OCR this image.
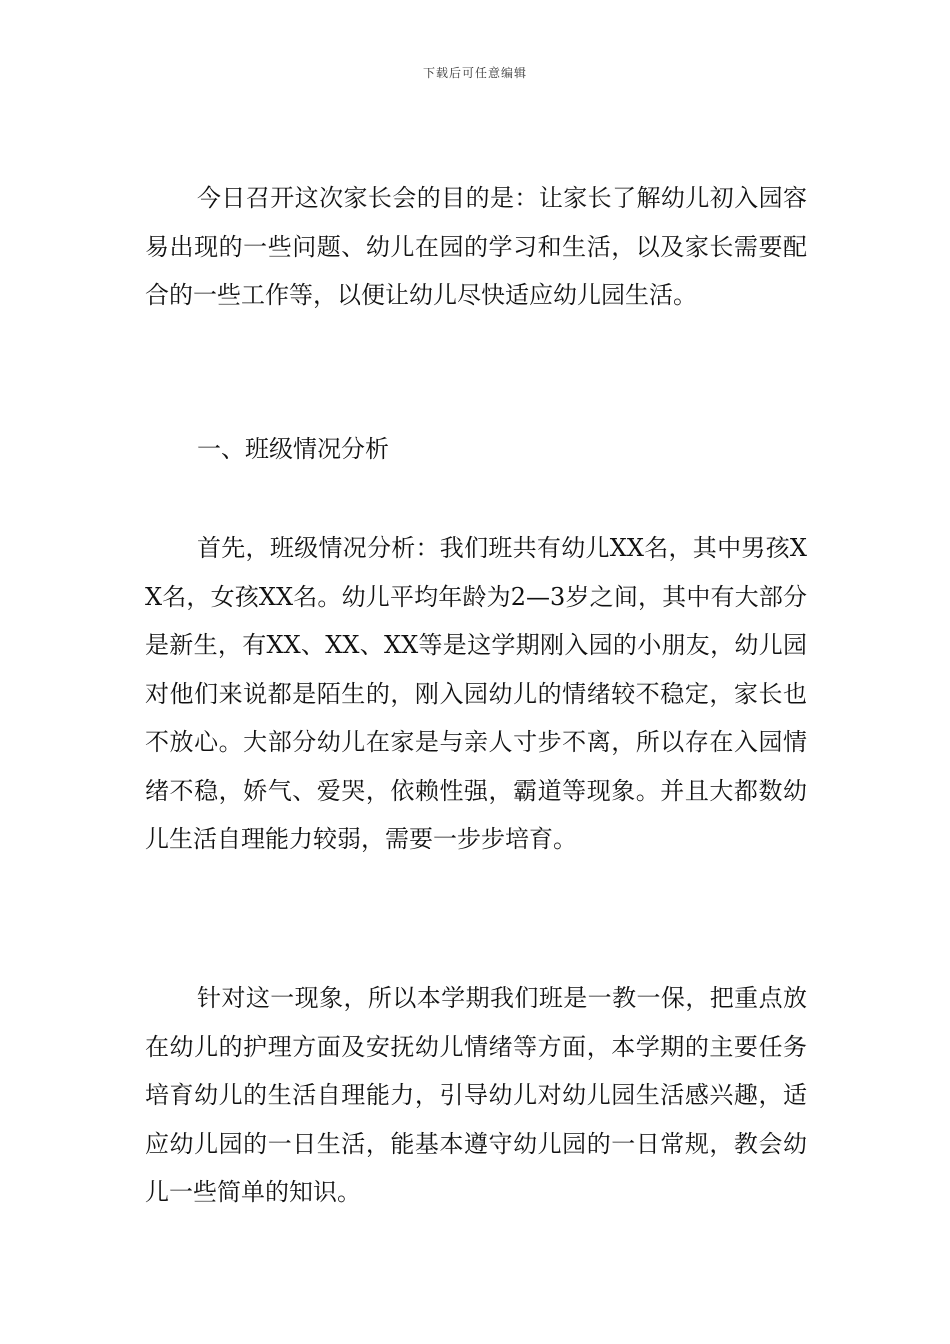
下载后可任意编辑

今日召开这次家长会的目的是：让家长了解幼儿初入园容易出现的一些问题、幼儿在园的学习和生活，以及家长需要配合的一些工作等，以便让幼儿尽快适应幼儿园生活。

一、班级情况分析

首先，班级情况分析：我们班共有幼儿XX名，其中男孩XX名，女孩XX名。幼儿平均年龄为2—3岁之间，其中有大部分是新生，有XX、XX、XX等是这学期刚入园的小朋友，幼儿园对他们来说都是陌生的，刚入园幼儿的情绪较不稳定，家长也不放心。大部分幼儿在家是与亲人寸步不离，所以存在入园情绪不稳，娇气、爱哭，依赖性强，霸道等现象。并且大都数幼儿生活自理能力较弱，需要一步步培育。

针对这一现象，所以本学期我们班是一教一保，把重点放在幼儿的护理方面及安抚幼儿情绪等方面，本学期的主要任务培育幼儿的生活自理能力，引导幼儿对幼儿园生活感兴趣，适应幼儿园的一日生活，能基本遵守幼儿园的一日常规，教会幼儿一些简单的知识。
